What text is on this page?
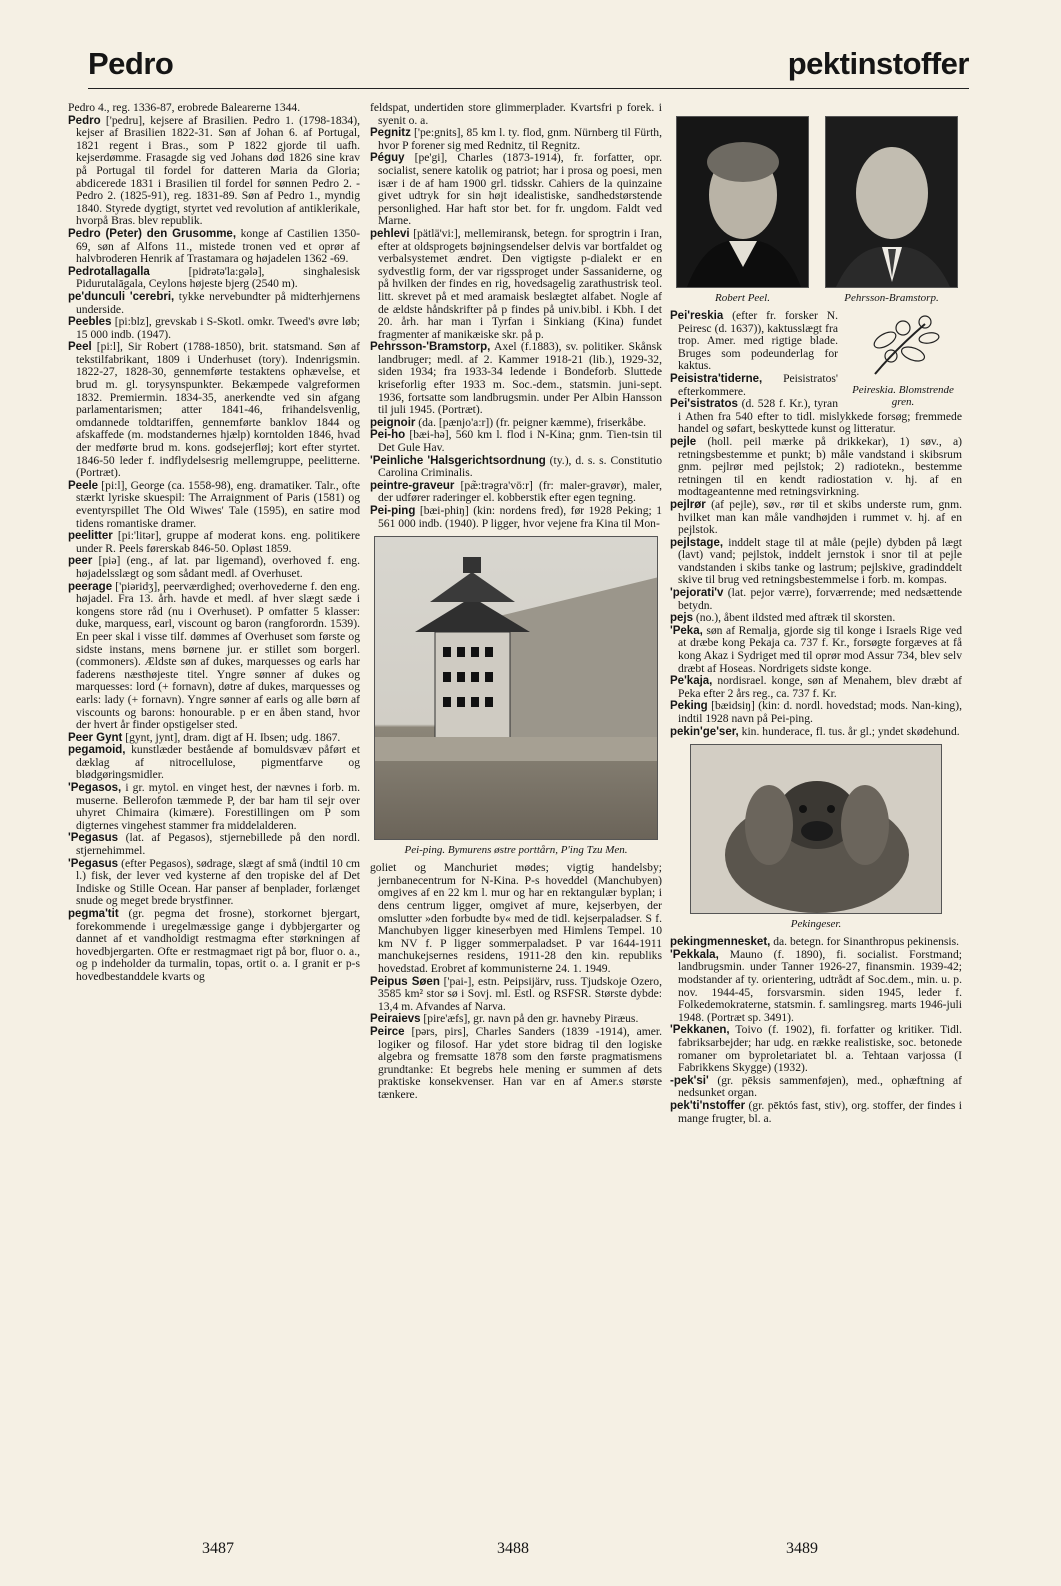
Pedro	pektinstoffer

Pedro 4., reg. 1336-87, erobrede Balearerne 1344.

Pedro ['pedru], kejsere af Brasilien. Pedro 1. (1798-1834), kejser af Brasilien 1822-31. Søn af Johan 6. af Portugal, 1821 regent i Bras., som P 1822 gjorde til uafh. kejserdømme. Frasagde sig ved Johans død 1826 sine krav på Portugal til fordel for datteren Maria da Gloria; abdicerede 1831 i Brasilien til fordel for sønnen Pedro 2. - Pedro 2. (1825-91), reg. 1831-89. Søn af Pedro 1., myndig 1840. Styrede dygtigt, styrtet ved revolution af antiklerikale, hvorpå Bras. blev republik.

Pedro (Peter) den Grusomme, konge af Castilien 1350-69, søn af Alfons 11., mistede tronen ved et oprør af halvbroderen Henrik af Trastamara og højadelen 1362 -69.

Pedrotallagalla [pidrətə'la:gələ], singhalesisk Pidurutalāgala, Ceylons højeste bjerg (2540 m).

pe'dunculi 'cerebri, tykke nervebundter på midterhjernens underside.

Peebles [pi:blz], grevskab i S-Skotl. omkr. Tweed's øvre løb; 15 000 indb. (1947).

Peel [pi:l], Sir Robert (1788-1850), brit. statsmand. Søn af tekstilfabrikant, 1809 i Underhuset (tory). Indenrigsmin. 1822-27, 1828-30, gennemførte testaktens ophævelse, et brud m. gl. torysynspunkter. Bekæmpede valgreformen 1832. Premiermin. 1834-35, anerkendte ved sin afgang parlamentarismen; atter 1841-46, frihandelsvenlig, omdannede toldtariffen, gennemførte banklov 1844 og afskaffede (m. modstandernes hjælp) korntolden 1846, hvad der medførte brud m. kons. godsejerfløj; kort efter styrtet. 1846-50 leder f. indflydelsesrig mellemgruppe, peelitterne. (Portræt).

Peele [pi:l], George (ca. 1558-98), eng. dramatiker. Talr., ofte stærkt lyriske skuespil: The Arraignment of Paris (1581) og eventyrspillet The Old Wiwes' Tale (1595), en satire mod tidens romantiske dramer.

peelitter [pi:'litər], gruppe af moderat kons. eng. politikere under R. Peels førerskab 846-50. Opløst 1859.

peer [piə] (eng., af lat. par ligemand), overhoved f. eng. højadelsslægt og som sådant medl. af Overhuset.

peerage ['piəridʒ], peerværdighed; overhovederne f. den eng. højadel. Fra 13. årh. havde et medl. af hver slægt sæde i kongens store råd (nu i Overhuset). P omfatter 5 klasser: duke, marquess, earl, viscount og baron (rangforordn. 1539). En peer skal i visse tilf. dømmes af Overhuset som første og sidste instans, mens børnene jur. er stillet som borgerl. (commoners). Ældste søn af dukes, marquesses og earls har faderens næsthøjeste titel. Yngre sønner af dukes og marquesses: lord (+ fornavn), døtre af dukes, marquesses og earls: lady (+ fornavn). Yngre sønner af earls og alle børn af viscounts og barons: honourable. p er en åben stand, hvor der hvert år finder opstigelser sted.

Peer Gynt [gynt, jynt], dram. digt af H. Ibsen; udg. 1867.

pegamoid, kunstlæder bestående af bomuldsvæv påført et dæklag af nitrocellulose, pigmentfarve og blødgøringsmidler.

'Pegasos, i gr. mytol. en vinget hest, der nævnes i forb. m. muserne. Bellerofon tæmmede P, der bar ham til sejr over uhyret Chimaira (kimære). Forestillingen om P som digternes vingehest stammer fra middelalderen.

'Pegasus (lat. af Pegasos), stjernebillede på den nordl. stjernehimmel.

'Pegasus (efter Pegasos), sødrage, slægt af små (indtil 10 cm l.) fisk, der lever ved kysterne af den tropiske del af Det Indiske og Stille Ocean. Har panser af benplader, forlænget snude og meget brede brystfinner.

pegma'tit (gr. pegma det frosne), storkornet bjergart, forekommende i uregelmæssige gange i dybbjergarter og dannet af et vandholdigt restmagma efter størkningen af hovedbjergarten. Ofte er restmagmaet rigt på bor, fluor o. a., og p indeholder da turmalin, topas, ortit o. a. I granit er p-s hovedbestanddele kvarts og

feldspat, undertiden store glimmerplader. Kvartsfri p forek. i syenit o. a.

Pegnitz ['pe:gnits], 85 km l. ty. flod, gnm. Nürnberg til Fürth, hvor P forener sig med Rednitz, til Regnitz.

Péguy [pe'gi], Charles (1873-1914), fr. forfatter, opr. socialist, senere katolik og patriot; har i prosa og poesi, men især i de af ham 1900 grl. tidsskr. Cahiers de la quinzaine givet udtryk for sin højt idealistiske, sandhedstørstende personlighed. Har haft stor bet. for fr. ungdom. Faldt ved Marne.

pehlevi [pätlä'vi:], mellemiransk, betegn. for sprogtrin i Iran, efter at oldsprogets bøjningsendelser delvis var bortfaldet og verbalsystemet ændret. Den vigtigste p-dialekt er en sydvestlig form, der var rigssproget under Sassaniderne, og på hvilken der findes en rig, hovedsagelig zarathustrisk teol. litt. skrevet på et med aramaisk beslægtet alfabet. Nogle af de ældste håndskrifter på p findes på univ.bibl. i Kbh. I det 20. årh. har man i Tyrfan i Sinkiang (Kina) fundet fragmenter af manikæiske skr. på p.

Pehrsson-'Bramstorp, Axel (f.1883), sv. politiker. Skånsk landbruger; medl. af 2. Kammer 1918-21 (lib.), 1929-32, siden 1934; fra 1933-34 ledende i Bondeforb. Sluttede kriseforlig efter 1933 m. Soc.-dem., statsmin. juni-sept. 1936, fortsatte som landbrugsmin. under Per Albin Hansson til juli 1945. (Portræt).

peignoir (da. [pænjo'a:r]) (fr. peigner kæmme), friserkåbe.

Pei-ho [bæi-hə], 560 km l. flod i N-Kina; gnm. Tien-tsin til Det Gule Hav.

'Peinliche 'Halsgerichtsordnung (ty.), d. s. s. Constitutio Carolina Criminalis.

peintre-graveur [pæ̃:trəgra'vö:r] (fr: maler-gravør), maler, der udfører raderinger el. kobberstik efter egen tegning.

Pei-ping [bæi-phiŋ] (kin: nordens fred), før 1928 Peking; 1 561 000 indb. (1940). P ligger, hvor vejene fra Kina til Mon-

Pei-ping. Bymurens østre porttårn, P'ing Tzu Men.

goliet og Manchuriet mødes; vigtig handelsby; jernbanecentrum for N-Kina. P-s hoveddel (Manchubyen) omgives af en 22 km l. mur og har en rektangulær byplan; i dens centrum ligger, omgivet af mure, kejserbyen, der omslutter »den forbudte by« med de tidl. kejserpaladser. S f. Manchubyen ligger kineserbyen med Himlens Tempel. 10 km NV f. P ligger sommerpaladset. P var 1644-1911 manchukejsernes residens, 1911-28 den kin. republiks hovedstad. Erobret af kommunisterne 24. 1. 1949.

Peipus Søen ['pai-], estn. Peipsijärv, russ. Tjudskoje Ozero, 3585 km² stor sø i Sovj. ml. Estl. og RSFSR. Største dybde: 13,4 m. Afvandes af Narva.

Peiraievs [pire'æfs], gr. navn på den gr. havneby Piræus.

Peirce [pərs, pirs], Charles Sanders (1839 -1914), amer. logiker og filosof. Har ydet store bidrag til den logiske algebra og fremsatte 1878 som den første pragmatismens grundtanke: Et begrebs hele mening er summen af dets praktiske konsekvenser. Han var en af Amer.s største tænkere.

Robert Peel.	Pehrsson-Bramstorp.
Peireskia. Blomstrende gren.

Pei'reskia (efter fr. forsker N. Peiresc (d. 1637)), kaktusslægt fra trop. Amer. med rigtige blade. Bruges som podeunderlag for kaktus.

Peisistra'tiderne, Peisistratos' efterkommere.

Pei'sistratos (d. 528 f. Kr.), tyran i Athen fra 540 efter to tidl. mislykkede forsøg; fremmede handel og søfart, beskyttede kunst og litteratur.

pejle (holl. peil mærke på drikkekar), 1) søv., a) retningsbestemme et punkt; b) måle vandstand i skibsrum gnm. pejlrør med pejlstok; 2) radiotekn., bestemme retningen til en kendt radiostation v. hj. af en modtageantenne med retningsvirkning.

pejlrør (af pejle), søv., rør til et skibs underste rum, gnm. hvilket man kan måle vandhøjden i rummet v. hj. af en pejlstok.

pejlstage, inddelt stage til at måle (pejle) dybden på lægt (lavt) vand; pejlstok, inddelt jernstok i snor til at pejle vandstanden i skibs tanke og lastrum; pejlskive, gradinddelt skive til brug ved retningsbestemmelse i forb. m. kompas.

'pejorati'v (lat. pejor værre), forværrende; med nedsættende betydn.

pejs (no.), åbent ildsted med aftræk til skorsten.

'Peka, søn af Remalja, gjorde sig til konge i Israels Rige ved at dræbe kong Pekaja ca. 737 f. Kr., forsøgte forgæves at få kong Akaz i Sydriget med til oprør mod Assur 734, blev selv dræbt af Hoseas. Nordrigets sidste konge.

Pe'kaja, nordisrael. konge, søn af Menahem, blev dræbt af Peka efter 2 års reg., ca. 737 f. Kr.

Peking [bæidsiŋ] (kin: d. nordl. hovedstad; mods. Nan-king), indtil 1928 navn på Pei-ping.

pekin'ge'ser, kin. hunderace, fl. tus. år gl.; yndet skødehund.

Pekingeser.

pekingmennesket, da. betegn. for Sinanthropus pekinensis.

'Pekkala, Mauno (f. 1890), fi. socialist. Forstmand; landbrugsmin. under Tanner 1926-27, finansmin. 1939-42; modstander af ty. orientering, udtrådt af Soc.dem., min. u. p. nov. 1944-45, forsvarsmin. siden 1945, leder f. Folkedemokraterne, statsmin. f. samlingsreg. marts 1946-juli 1948. (Portræt sp. 3491).

'Pekkanen, Toivo (f. 1902), fi. forfatter og kritiker. Tidl. fabriksarbejder; har udg. en række realistiske, soc. betonede romaner om byproletariatet bl. a. Tehtaan varjossa (I Fabrikkens Skygge) (1932).

-pek'si' (gr. pēksis sammenføjen), med., ophæftning af nedsunket organ.

pek'ti'nstoffer (gr. pēktós fast, stiv), org. stoffer, der findes i mange frugter, bl. a.

3487	3488	3489
